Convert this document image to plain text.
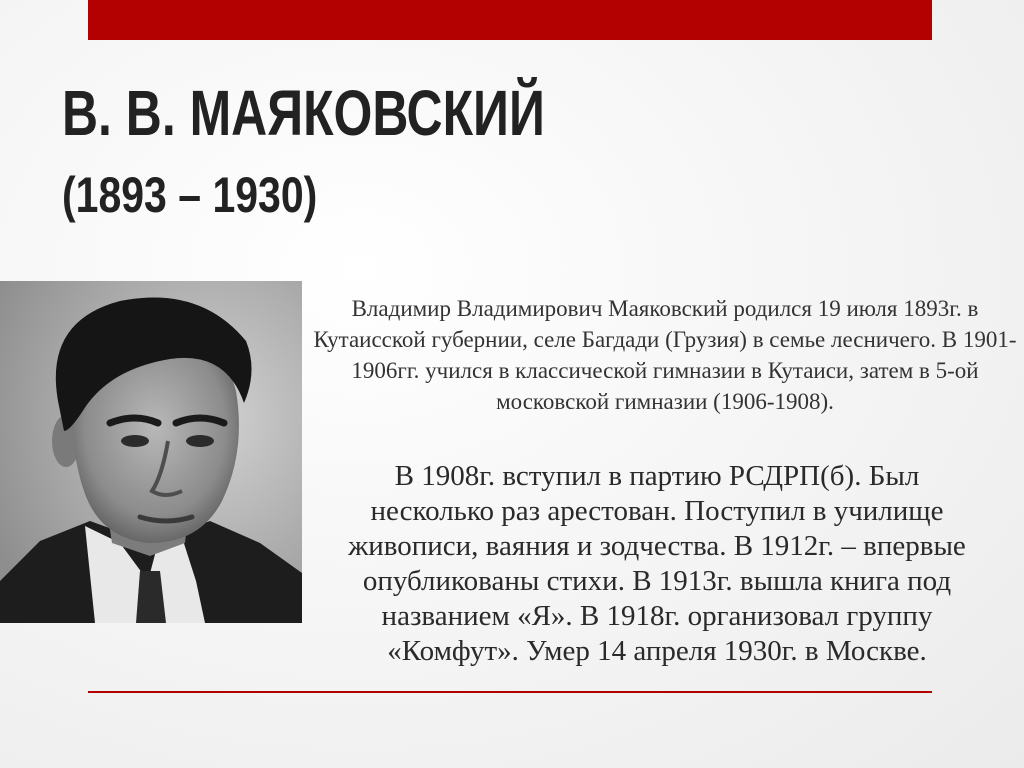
В. В. МАЯКОВСКИЙ
(1893 – 1930)

Владимир Владимирович Маяковский родился 19 июля 1893г. в Кутаисской губернии, селе Багдади (Грузия) в семье лесничего. В 1901-1906гг. учился в классической гимназии в Кутаиси, затем в 5-ой московской гимназии (1906-1908).

В 1908г. вступил в партию РСДРП(б). Был несколько раз арестован. Поступил в училище живописи, ваяния и зодчества. В 1912г. – впервые опубликованы стихи. В 1913г. вышла книга под названием «Я». В 1918г. организовал группу «Комфут». Умер 14 апреля 1930г. в Москве.
